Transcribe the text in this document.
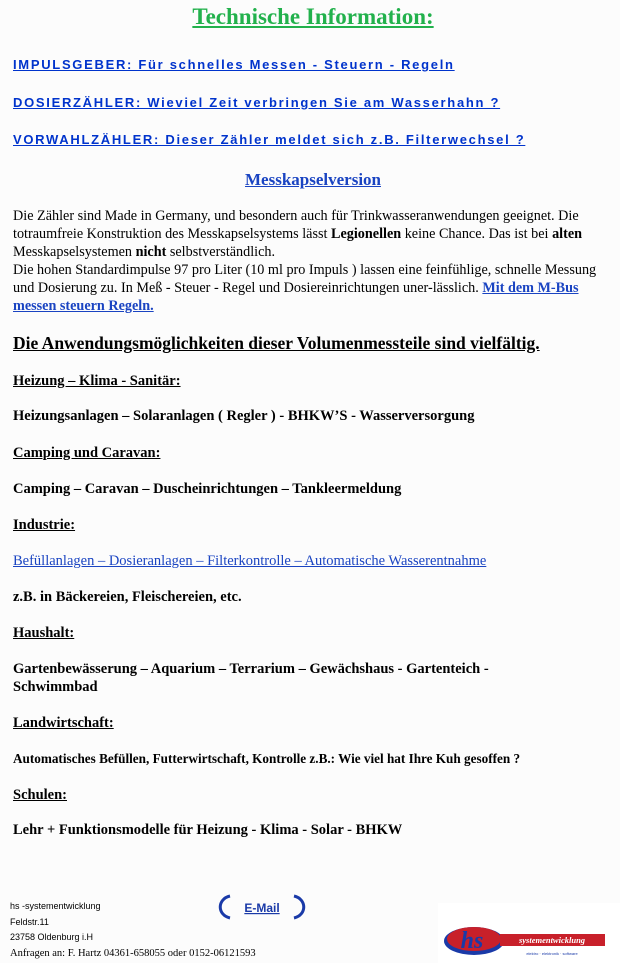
Technische Information:
IMPULSGEBER: Für schnelles Messen - Steuern - Regeln
DOSIERZÄHLER: Wieviel Zeit verbringen Sie am Wasserhahn ?
VORWAHLZÄHLER: Dieser Zähler meldet sich z.B. Filterwechsel ?
Messkapselversion
Die Zähler sind Made in Germany, und besondern auch für Trinkwasseranwendungen geeignet. Die totraumfreie Konstruktion des Messkapselsystems lässt Legionellen keine Chance. Das ist bei alten Messkapselsystemen nicht selbstverständlich.
Die hohen Standardimpulse 97 pro Liter (10 ml pro Impuls ) lassen eine feinfühlige, schnelle Messung und Dosierung zu. In Meß - Steuer - Regel und Dosiereinrichtungen uner-lässlich. Mit dem M-Bus messen steuern Regeln.
Die Anwendungsmöglichkeiten dieser Volumenmessteile sind vielfältig.
Heizung – Klima - Sanitär:
Heizungsanlagen – Solaranlagen ( Regler ) - BHKW’S - Wasserversorgung
Camping und Caravan:
Camping – Caravan – Duscheinrichtungen – Tankleermeldung
Industrie:
Befüllanlagen – Dosieranlagen – Filterkontrolle – Automatische Wasserentnahme
z.B. in Bäckereien, Fleischereien, etc.
Haushalt:
Gartenbewässerung – Aquarium – Terrarium – Gewächshaus - Gartenteich -
Schwimmbad
Landwirtschaft:
Automatisches Befüllen, Futterwirtschaft, Kontrolle z.B.: Wie viel hat Ihre Kuh gesoffen ?
Schulen:
Lehr + Funktionsmodelle für Heizung - Klima - Solar - BHKW
hs -systementwicklung
Feldstr.11
23758 Oldenburg i.H
Anfragen an: F. Hartz 04361-658055 oder 0152-06121593
E-Mail
hs	systementwicklung
elektro · elektronik · software
